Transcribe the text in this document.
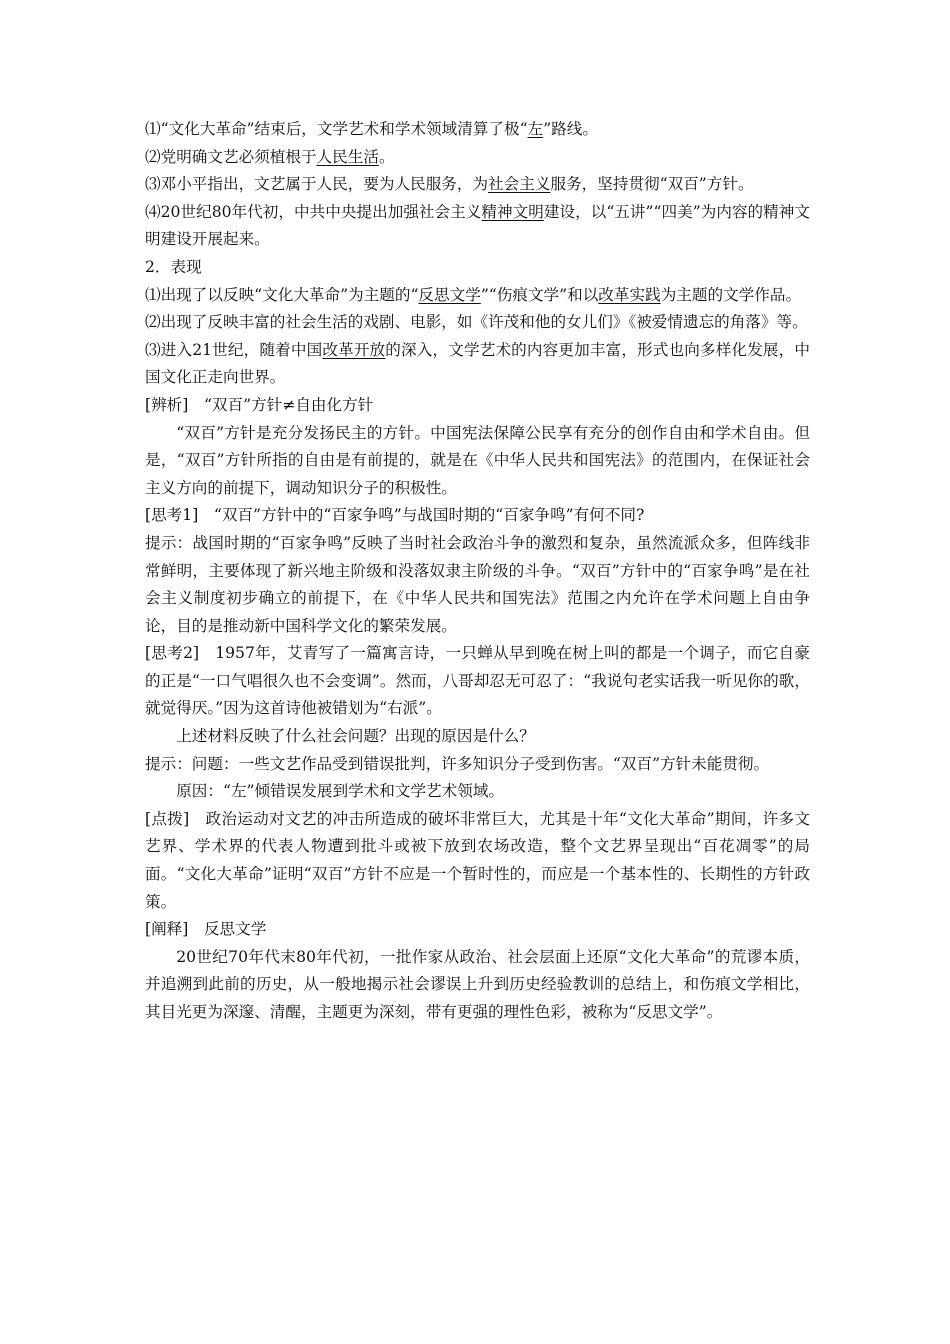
⑴“文化大革命”结束后，文学艺术和学术领域清算了极“左”路线。

⑵党明确文艺必须植根于人民生活。

⑶邓小平指出，文艺属于人民，要为人民服务，为社会主义服务，坚持贯彻“双百”方针。

⑷20世纪80年代初，中共中央提出加强社会主义精神文明建设，以“五讲”“四美”为内容的精神文明建设开展起来。

2．表现

⑴出现了以反映“文化大革命”为主题的“反思文学”“伤痕文学”和以改革实践为主题的文学作品。

⑵出现了反映丰富的社会生活的戏剧、电影，如《许茂和他的女儿们》《被爱情遗忘的角落》等。

⑶进入21世纪，随着中国改革开放的深入，文学艺术的内容更加丰富，形式也向多样化发展，中国文化正走向世界。

[辨析]　“双百”方针≠自由化方针

“双百”方针是充分发扬民主的方针。中国宪法保障公民享有充分的创作自由和学术自由。但是，“双百”方针所指的自由是有前提的，就是在《中华人民共和国宪法》的范围内，在保证社会主义方向的前提下，调动知识分子的积极性。

[思考1]　“双百”方针中的“百家争鸣”与战国时期的“百家争鸣”有何不同?

提示：战国时期的“百家争鸣”反映了当时社会政治斗争的激烈和复杂，虽然流派众多，但阵线非常鲜明，主要体现了新兴地主阶级和没落奴隶主阶级的斗争。“双百”方针中的“百家争鸣”是在社会主义制度初步确立的前提下，在《中华人民共和国宪法》范围之内允许在学术问题上自由争论，目的是推动新中国科学文化的繁荣发展。

[思考2]　1957年，艾青写了一篇寓言诗，一只蝉从早到晚在树上叫的都是一个调子，而它自豪的正是“一口气唱很久也不会变调”。然而，八哥却忍无可忍了：“我说句老实话我一听见你的歌，就觉得厌。”因为这首诗他被错划为“右派”。

上述材料反映了什么社会问题？出现的原因是什么？

提示：问题：一些文艺作品受到错误批判，许多知识分子受到伤害。“双百”方针未能贯彻。

原因：“左”倾错误发展到学术和文学艺术领域。

[点拨]　政治运动对文艺的冲击所造成的破坏非常巨大，尤其是十年“文化大革命”期间，许多文艺界、学术界的代表人物遭到批斗或被下放到农场改造，整个文艺界呈现出“百花凋零”的局面。“文化大革命”证明“双百”方针不应是一个暂时性的，而应是一个基本性的、长期性的方针政策。

[阐释]　反思文学

20世纪70年代末80年代初，一批作家从政治、社会层面上还原“文化大革命”的荒谬本质，并追溯到此前的历史，从一般地揭示社会谬误上升到历史经验教训的总结上，和伤痕文学相比，其目光更为深邃、清醒，主题更为深刻，带有更强的理性色彩，被称为“反思文学”。
